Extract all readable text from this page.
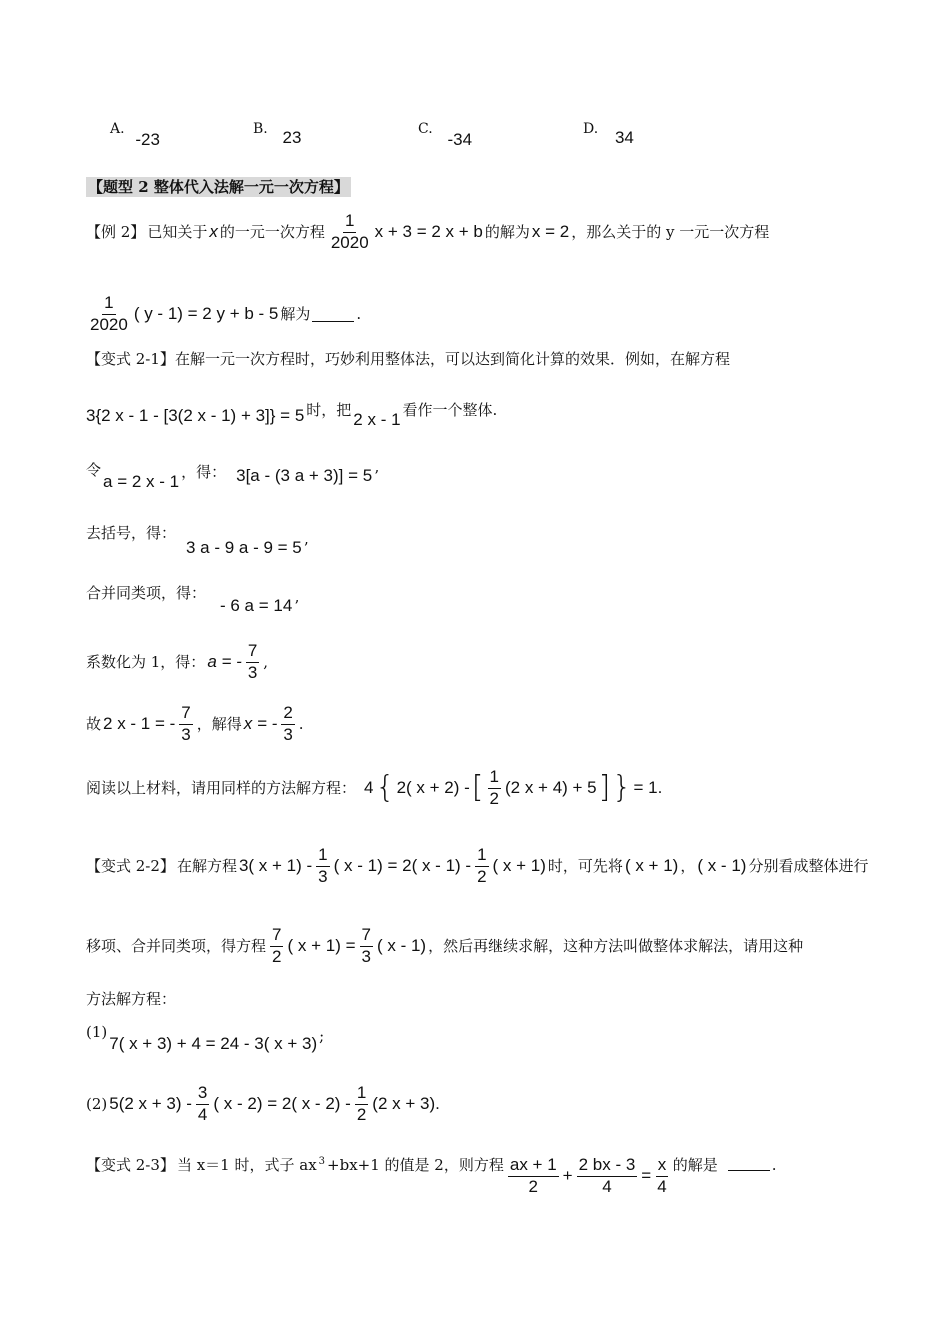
A. -23
B. 23	C. -34
D. 34
【题型 2 整体代入法解一元一次方程】
【例 2】 已知关于 x 的一元一次方程 $\frac{1}{2020}$ x + 3 = 2 x + b 的解为 x = 2 ，那么关于的 y 一元一次方程
$\frac{1}{2020}$ ( y - 1) = 2 y + b - 5 解为	.
【变式 2-1】在解一元一次方程时，巧妙利用整体法，可以达到简化计算的效果．例如，在解方程
3{2 x - 1 - [3(2 x - 1) + 3]} = 5 时，把 2 x - 1 看作一个整体.
令
a = 2 x - 1 ，得： 3[a - (3 a + 3)] = 5 ’
去括号，得：
3 a - 9 a - 9 = 5 ’
合并同类项，得：
- 6 a = 14 ’
系数化为 1，得： a = - $\frac{7}{3}$ ,
故 2 x - 1 = - $\frac{7}{3}$ ，解得 x = - $\frac{2}{3}$ .
阅读以上材料，请用同样的方法解方程： 4 { 2( x + 2) - [ $\frac{1}{2} (2$ x + 4) + 5 ] } = 1.
【变式 2-2】 在解方程 3( $x + 1) - \frac{1}{3}$ ( x - 1) = 2( x - $1) - \frac{1}{2}$ ( x + 1) 时，可先将 ( x + 1) ， ( x - 1) 分别看成整体进行
移项、合并同类项，得方程 $\frac{7}{2}$ ( $x + 1) = \frac{7}{3}$ ( x - 1) ，然后再继续求解，这种方法叫做整体求解法，请用这种
方法解方程：
(1)
7( x + 3) + 4 = 24 - 3( x + 3) ;
(2) 5(2 $x + 3) - \frac{3}{4}$ ( x - 2) = 2( x - $2) - \frac{1}{2} (2$ x + 3).
【变式 2-3】 当 x＝1 时，式子 ax 3 +bx+1 的值是 2，则方程 $\frac{ax + 1}{2} + \frac{2 bx - 3}{4} = \frac{x}{4}$ 的解是	.
